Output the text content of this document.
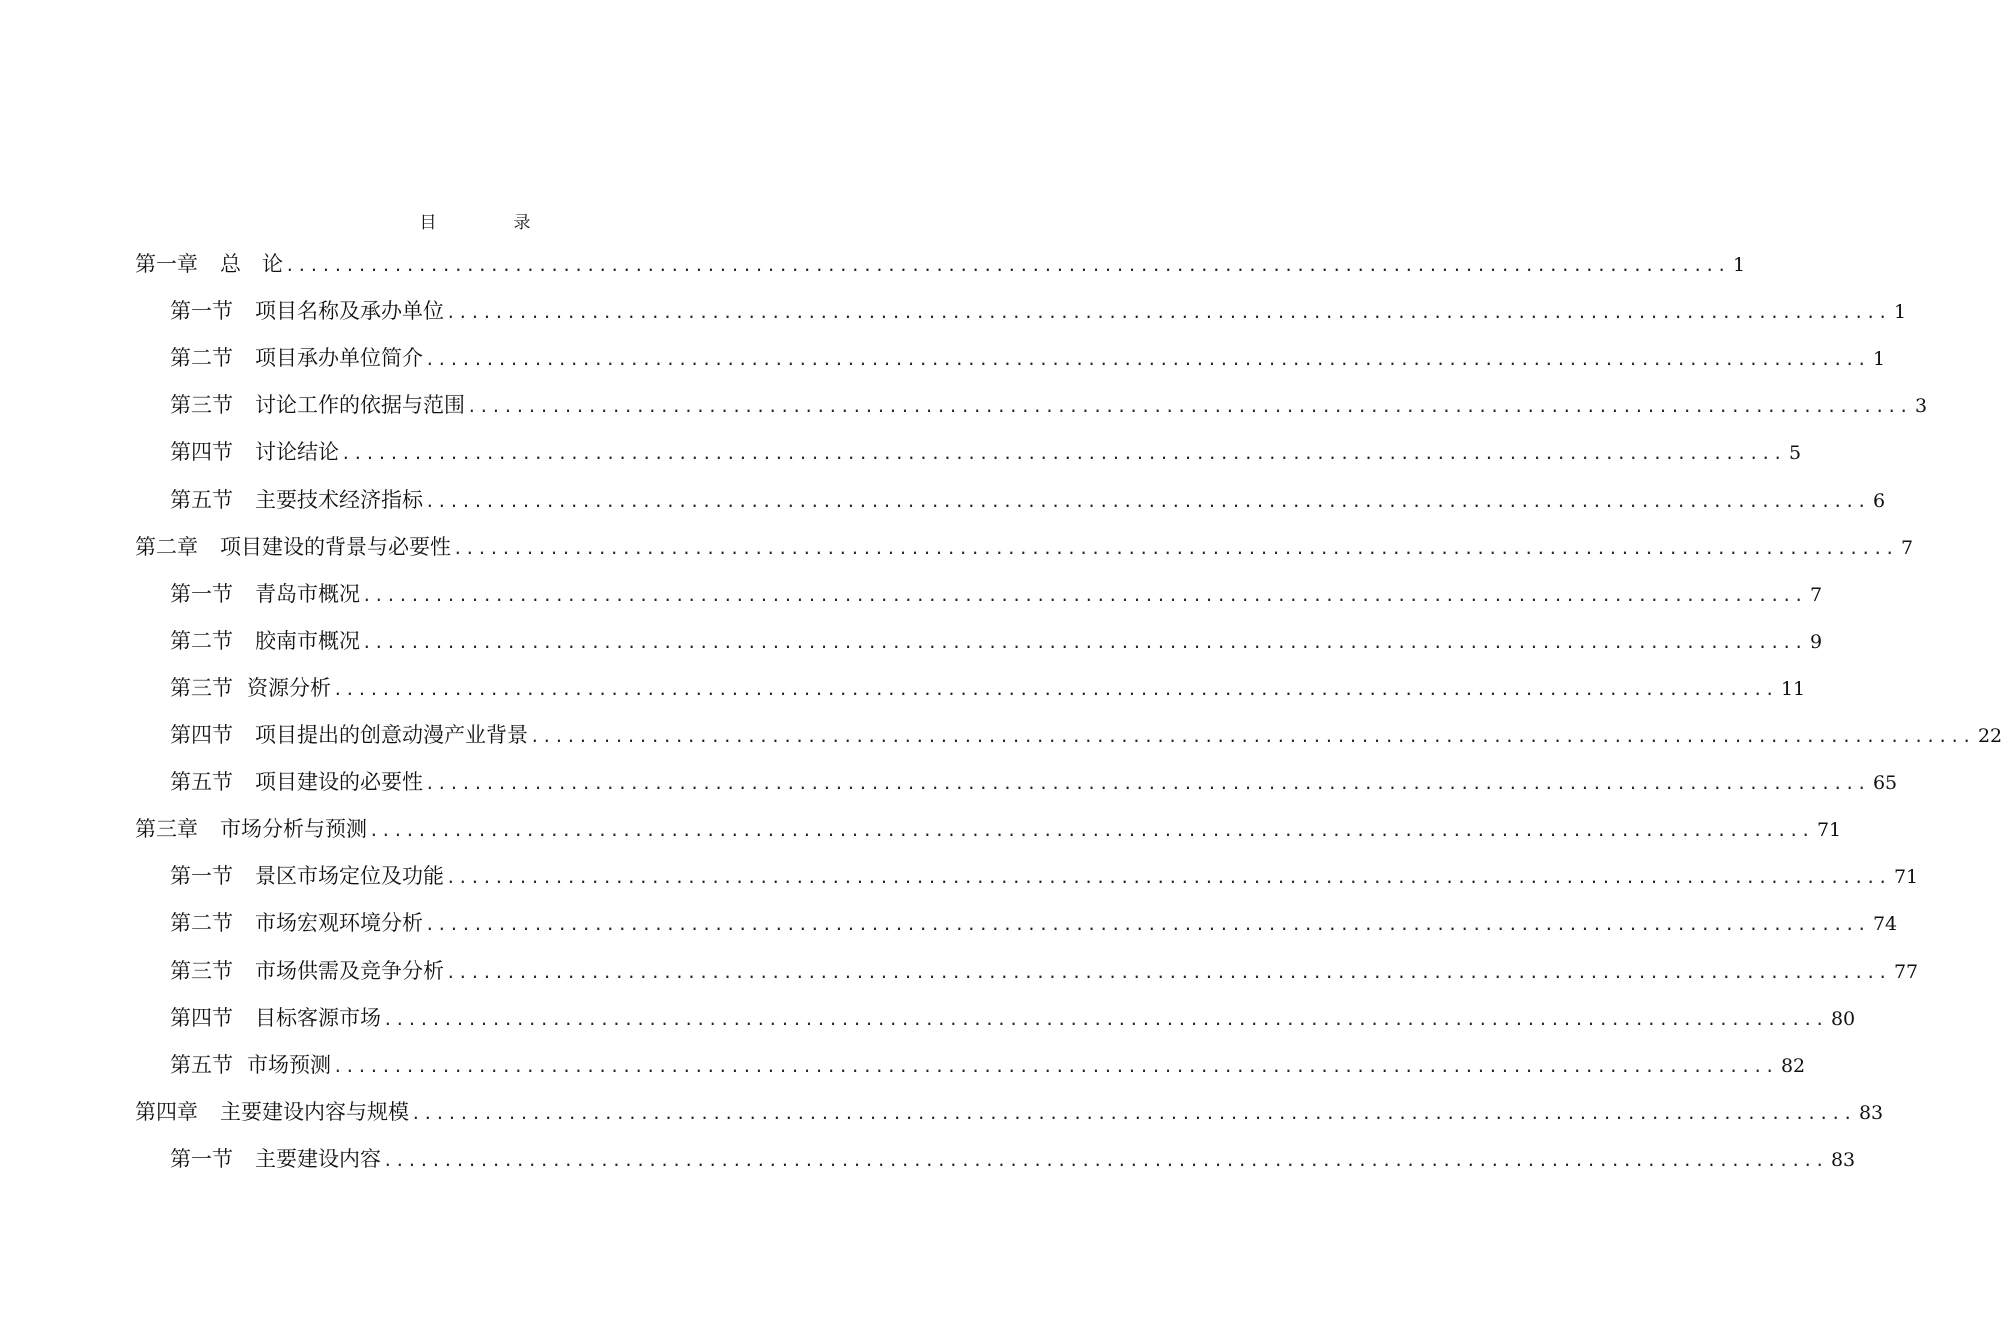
目　录
第一章 总　论 ........................................................................................................................ 1
第一节 项目名称及承办单位 ........................................................................................................................ 1
第二节 项目承办单位简介 ........................................................................................................................ 1
第三节 讨论工作的依据与范围 ........................................................................................................................ 3
第四节 讨论结论 ........................................................................................................................ 5
第五节 主要技术经济指标 ........................................................................................................................ 6
第二章 项目建设的背景与必要性 ........................................................................................................................ 7
第一节 青岛市概况 ........................................................................................................................ 7
第二节 胶南市概况 ........................................................................................................................ 9
第三节 资源分析 ........................................................................................................................ 11
第四节 项目提出的创意动漫产业背景 ........................................................................................................................ 22
第五节 项目建设的必要性 ........................................................................................................................ 65
第三章 市场分析与预测 ........................................................................................................................ 71
第一节 景区市场定位及功能 ........................................................................................................................ 71
第二节 市场宏观环境分析 ........................................................................................................................ 74
第三节 市场供需及竞争分析 ........................................................................................................................ 77
第四节 目标客源市场 ........................................................................................................................ 80
第五节 市场预测 ........................................................................................................................ 82
第四章 主要建设内容与规模 ........................................................................................................................ 83
第一节 主要建设内容 ........................................................................................................................ 83
